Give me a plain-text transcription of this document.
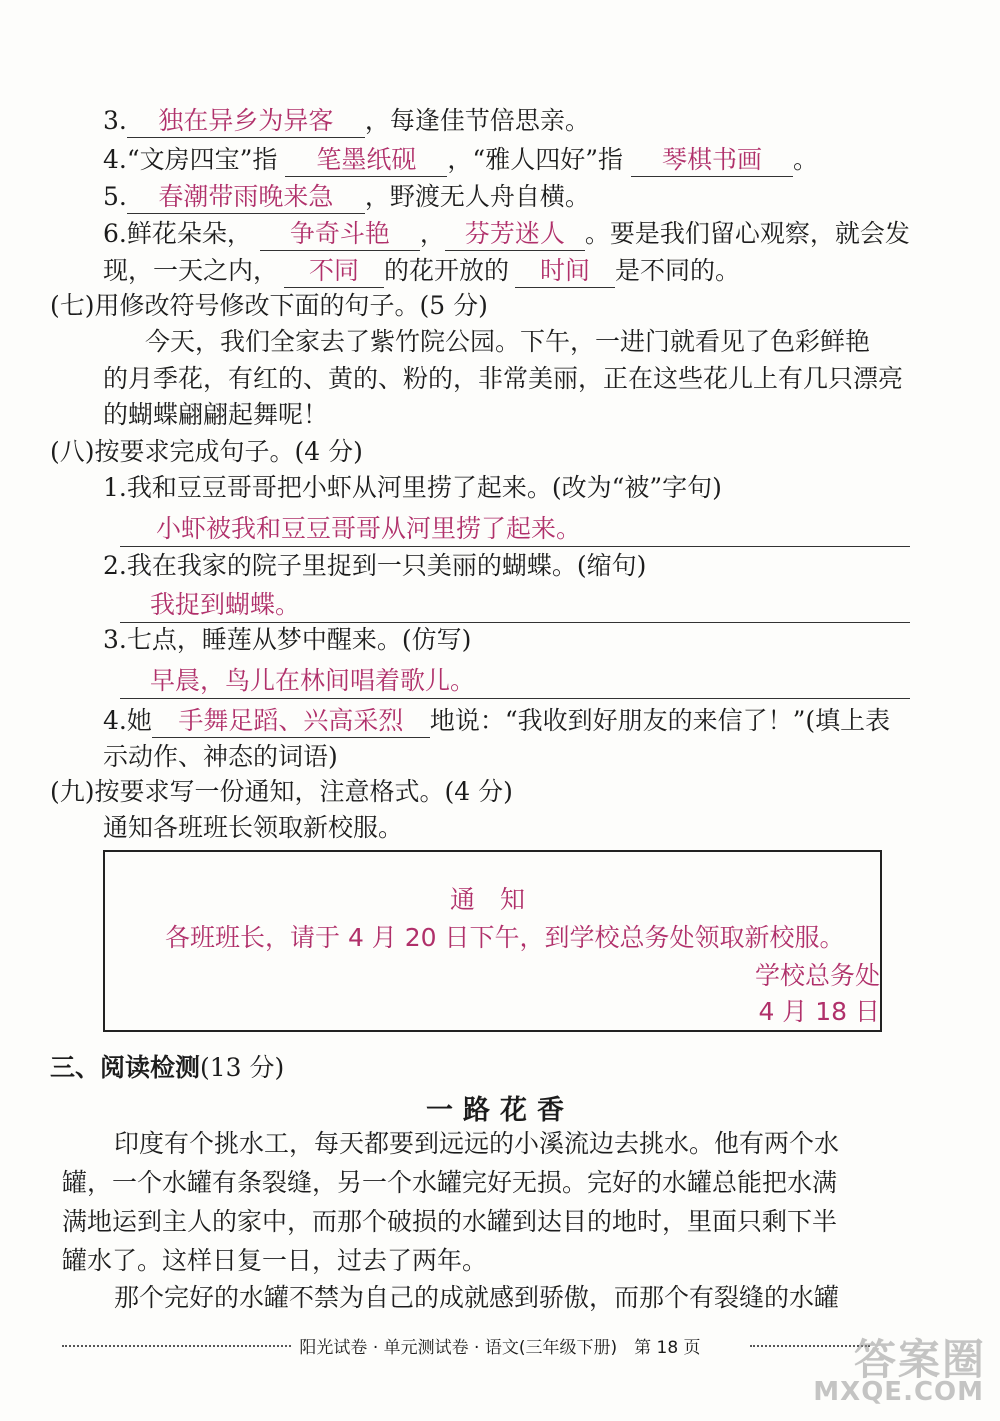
3. 独在异乡为异客 ，每逢佳节倍思亲。
4.“文房四宝”指 笔墨纸砚 ，“雅人四好”指 琴棋书画 。
5. 春潮带雨晚来急 ，野渡无人舟自横。
6.鲜花朵朵， 争奇斗艳 ， 芬芳迷人 。要是我们留心观察，就会发
现，一天之内， 不同 的花开放的 时间 是不同的。
(七)用修改符号修改下面的句子。(5 分)
今天，我们全家去了紫竹院公园。下午，一进门就看见了色彩鲜艳
的月季花，有红的、黄的、粉的，非常美丽，正在这些花儿上有几只漂亮
的蝴蝶翩翩起舞呢！
(八)按要求完成句子。(4 分)
1.我和豆豆哥哥把小虾从河里捞了起来。(改为“被”字句)
小虾被我和豆豆哥哥从河里捞了起来。
2.我在我家的院子里捉到一只美丽的蝴蝶。(缩句)
我捉到蝴蝶。
3.七点，睡莲从梦中醒来。(仿写)
早晨，鸟儿在林间唱着歌儿。
4.她 手舞足蹈、兴高采烈 地说：“我收到好朋友的来信了！”(填上表
示动作、神态的词语)
(九)按要求写一份通知，注意格式。(4 分)
通知各班班长领取新校服。
通　知
各班班长，请于 4 月 20 日下午，到学校总务处领取新校服。
学校总务处
4 月 18 日
三、阅读检测(13 分)
一路花香
印度有个挑水工，每天都要到远远的小溪流边去挑水。他有两个水
罐，一个水罐有条裂缝，另一个水罐完好无损。完好的水罐总能把水满
满地运到主人的家中，而那个破损的水罐到达目的地时，里面只剩下半
罐水了。这样日复一日，过去了两年。
那个完好的水罐不禁为自己的成就感到骄傲，而那个有裂缝的水罐
阳光试卷 · 单元测试卷 · 语文(三年级下册)　第 18 页	答案圈
MXQE.COM
